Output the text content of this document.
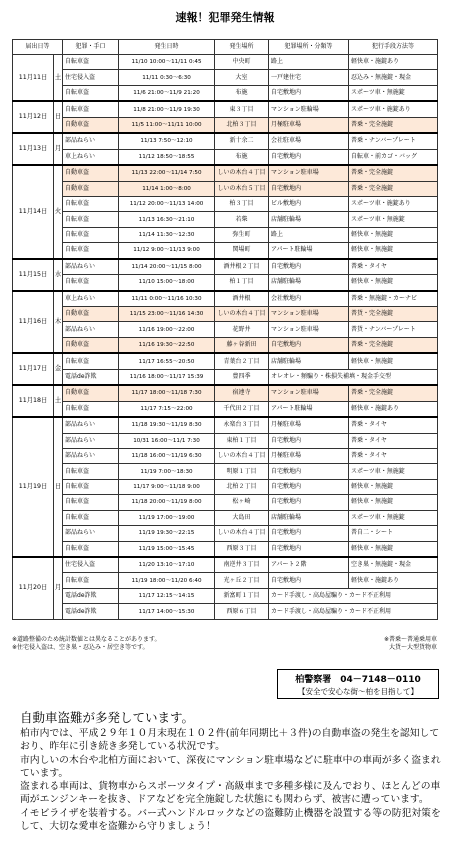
速報！犯罪発生情報
届出日等		犯罪・手口	発生日時	発生場所	犯罪場所・分類等	犯行手段方法等
11月11日	土	自転車盗	11/10 10:00～11/11 0:45	中央町	路上	軽快車・施錠あり
		住宅侵入盗	11/11 0:30～6:30	大室	一戸建住宅	忍込み・無施錠・現金
		自転車盗	11/6 21:00～11/9 21:20	布施	自宅敷地内	スポーツ車・無施錠
11月12日	日	自転車盗	11/8 21:00～11/9 19:30	東３丁目	マンション駐輪場	スポーツ車・施錠あり
		自動車盗	11/5 11:00～11/11 10:00	北柏３丁目	月極駐車場	普乗・完全施錠
11月13日	月	部品ねらい	11/13 7:50～12:10	新十余二	会社駐車場	普乗・ナンバープレート
		車上ねらい	11/12 18:50～18:55	布施	自宅敷地内	自転車・前カゴ・バッグ
11月14日	火	自動車盗	11/13 22:00～11/14 7:50	しいの木台４丁目	マンション駐車場	普乗・完全施錠
		自動車盗	11/14 1:00～8:00	しいの木台５丁目	自宅敷地内	普乗・完全施錠
		自転車盗	11/12 20:00～11/13 14:00	柏３丁目	ビル敷地内	スポーツ車・施錠あり
		自転車盗	11/13 16:30～21:10	若柴	店舗駐輪場	スポーツ車・無施錠
		自転車盗	11/14 11:30～12:30	弥生町	路上	軽快車・無施錠
		自転車盗	11/12 9:00～11/13 9:00	関場町	アパート駐輪場	軽快車・無施錠
11月15日	水	部品ねらい	11/14 20:00～11/15 8:00	酒井根２丁目	自宅敷地内	普乗・タイヤ
		自転車盗	11/10 15:00～18:00	柏１丁目	店舗駐輪場	軽快車・無施錠
11月16日	木	車上ねらい	11/11 0:00～11/16 10:30	酒井根	会社敷地内	普乗・無施錠・カーナビ
		自動車盗	11/15 23:00～11/16 14:30	しいの木台４丁目	マンション駐車場	普貨・完全施錠
		部品ねらい	11/16 19:00～22:00	花野井	マンション駐車場	普貨・ナンバープレート
		自動車盗	11/16 19:30～22:50	藤ヶ谷新田	自宅敷地内	普乗・完全施錠
11月17日	金	自転車盗	11/17 16:55～20:50	青葉台２丁目	店舗駐輪場	軽快車・無施錠
		電話de詐欺	11/16 18:00～11/17 15:39	豊四季	オレオレ・頻騙り・株損失補填・現金手交型	
11月18日	土	自動車盗	11/17 18:00～11/18 7:30	宿連寺	マンション駐車場	普乗・完全施錠
		自転車盗	11/17 7:15～22:00	千代田２丁目	アパート駐輪場	軽快車・施錠あり
11月19日	日	部品ねらい	11/18 19:30～11/19 8:30	永楽台３丁目	月極駐車場	普乗・タイヤ
		部品ねらい	10/31 16:00～11/1 7:30	東柏１丁目	自宅敷地内	普乗・タイヤ
		部品ねらい	11/18 16:00～11/19 6:30	しいの木台４丁目	月極駐車場	普乗・タイヤ
		自転車盗	11/19 7:00～18:30	明原１丁目	自宅敷地内	スポーツ車・無施錠
		自転車盗	11/17 9:00～11/18 9:00	北柏２丁目	自宅敷地内	軽快車・無施錠
		自転車盗	11/18 20:00～11/19 8:00	松ヶ崎	自宅敷地内	軽快車・無施錠
		自転車盗	11/19 17:00～19:00	大島田	店舗駐輪場	スポーツ車・無施錠
		部品ねらい	11/19 19:30～22:15	しいの木台４丁目	自宅敷地内	普自二・シート
		自転車盗	11/19 15:00～15:45	西原３丁目	自宅敷地内	軽快車・無施錠
11月20日	月	住宅侵入盗	11/20 13:10～17:10	南逆井３丁目	アパート２階	空き巣・無施錠・現金
		自転車盗	11/19 18:00～11/20 6:40	光ヶ丘２丁目	自宅敷地内	軽快車・施錠あり
		電話de詐欺	11/17 12:15～14:15	新富町１丁目	カード手渡し・高島屋騙り・カード不正利用	
		電話de詐欺	11/17 14:00～15:30	西原６丁目	カード手渡し・高島屋騙り・カード不正利用	
※道路整備のため統計数値とは異なることがあります。
※住宅侵入盗は、空き巣・忍込み・居空き等です。
※普乗～普通乗用車
大貨～大型貨物車
柏警察署　04－7148－0110
【安全で安心な街～柏を目指して】
自動車盗難が多発しています。

柏市内では、平成２９年１０月末現在１０２件(前年同期比＋３件)の自動車盗の発生を認知しており、昨年に引き続き多発している状況です。

市内しいの木台や北柏方面において、深夜にマンション駐車場などに駐車中の車両が多く盗まれています。

盗まれる車両は、貨物車からスポーツタイプ・高級車まで多種多様に及んでおり、ほとんどの車両がエンジンキーを抜き、ドアなどを完全施錠した状態にも関わらず、被害に遭っています。

イモビライザを装着する。バー式ハンドルロックなどの盗難防止機器を設置する等の防犯対策をして、大切な愛車を盗難から守りましょう！
